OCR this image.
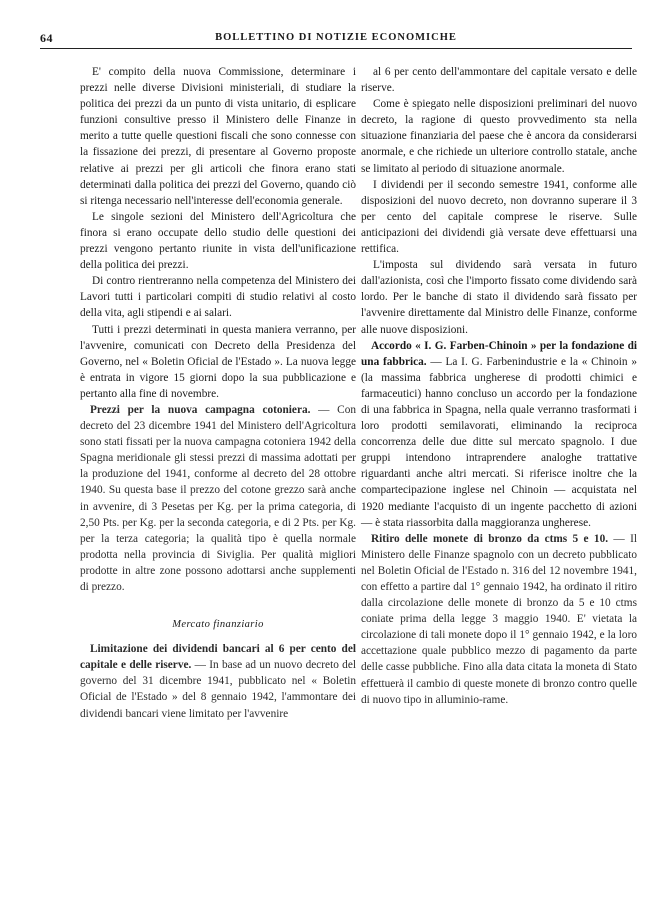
64	BOLLETTINO DI NOTIZIE ECONOMICHE

E' compito della nuova Commissione, determinare i prezzi nelle diverse Divisioni ministeriali, di studiare la politica dei prezzi da un punto di vista unitario, di esplicare funzioni consultive presso il Ministero delle Finanze in merito a tutte quelle questioni fiscali che sono connesse con la fissazione dei prezzi, di presentare al Governo proposte relative ai prezzi per gli articoli che finora erano stati determinati dalla politica dei prezzi del Governo, quando ciò si ritenga necessario nell'interesse dell'economia generale.

Le singole sezioni del Ministero dell'Agricoltura che finora si erano occupate dello studio delle questioni dei prezzi vengono pertanto riunite in vista dell'unificazione della politica dei prezzi.

Di contro rientreranno nella competenza del Ministero dei Lavori tutti i particolari compiti di studio relativi al costo della vita, agli stipendi e ai salari.

Tutti i prezzi determinati in questa maniera verranno, per l'avvenire, comunicati con Decreto della Presidenza del Governo, nel « Boletin Oficial de l'Estado ». La nuova legge è entrata in vigore 15 giorni dopo la sua pubblicazione e pertanto alla fine di novembre.

Prezzi per la nuova campagna cotoniera. — Con decreto del 23 dicembre 1941 del Ministero dell'Agricoltura sono stati fissati per la nuova campagna cotoniera 1942 della Spagna meridionale gli stessi prezzi di massima adottati per la produzione del 1941, conforme al decreto del 28 ottobre 1940. Su questa base il prezzo del cotone grezzo sarà anche in avvenire, di 3 Pesetas per Kg. per la prima categoria, di 2,50 Pts. per Kg. per la seconda categoria, e di 2 Pts. per Kg. per la terza categoria; la qualità tipo è quella normale prodotta nella provincia di Siviglia. Per qualità migliori prodotte in altre zone possono adottarsi anche supplementi di prezzo.

Mercato finanziario

Limitazione dei dividendi bancari al 6 per cento del capitale e delle riserve. — In base ad un nuovo decreto del governo del 31 dicembre 1941, pubblicato nel « Boletin Oficial de l'Estado » del 8 gennaio 1942, l'ammontare dei dividendi bancari viene limitato per l'avvenire

al 6 per cento dell'ammontare del capitale versato e delle riserve.

Come è spiegato nelle disposizioni preliminari del nuovo decreto, la ragione di questo provvedimento sta nella situazione finanziaria del paese che è ancora da considerarsi anormale, e che richiede un ulteriore controllo statale, anche se limitato al periodo di situazione anormale.

I dividendi per il secondo semestre 1941, conforme alle disposizioni del nuovo decreto, non dovranno superare il 3 per cento del capitale comprese le riserve. Sulle anticipazioni dei dividendi già versate deve effettuarsi una rettifica.

L'imposta sul dividendo sarà versata in futuro dall'azionista, così che l'importo fissato come dividendo sarà lordo. Per le banche di stato il dividendo sarà fissato per l'avvenire direttamente dal Ministro delle Finanze, conforme alle nuove disposizioni.

Accordo « I. G. Farben-Chinoin » per la fondazione di una fabbrica. — La I. G. Farbenindustrie e la « Chinoin » (la massima fabbrica ungherese di prodotti chimici e farmaceutici) hanno concluso un accordo per la fondazione di una fabbrica in Spagna, nella quale verranno trasformati i loro prodotti semilavorati, eliminando la reciproca concorrenza delle due ditte sul mercato spagnolo. I due gruppi intendono intraprendere analoghe trattative riguardanti anche altri mercati. Si riferisce inoltre che la compartecipazione inglese nel Chinoin — acquistata nel 1920 mediante l'acquisto di un ingente pacchetto di azioni — è stata riassorbita dalla maggioranza ungherese.

Ritiro delle monete di bronzo da ctms 5 e 10. — Il Ministero delle Finanze spagnolo con un decreto pubblicato nel Boletin Oficial de l'Estado n. 316 del 12 novembre 1941, con effetto a partire dal 1° gennaio 1942, ha ordinato il ritiro dalla circolazione delle monete di bronzo da 5 e 10 ctms coniate prima della legge 3 maggio 1940. E' vietata la circolazione di tali monete dopo il 1° gennaio 1942, e la loro accettazione quale pubblico mezzo di pagamento da parte delle casse pubbliche. Fino alla data citata la moneta di Stato effettuerà il cambio di queste monete di bronzo contro quelle di nuovo tipo in alluminio-rame.
